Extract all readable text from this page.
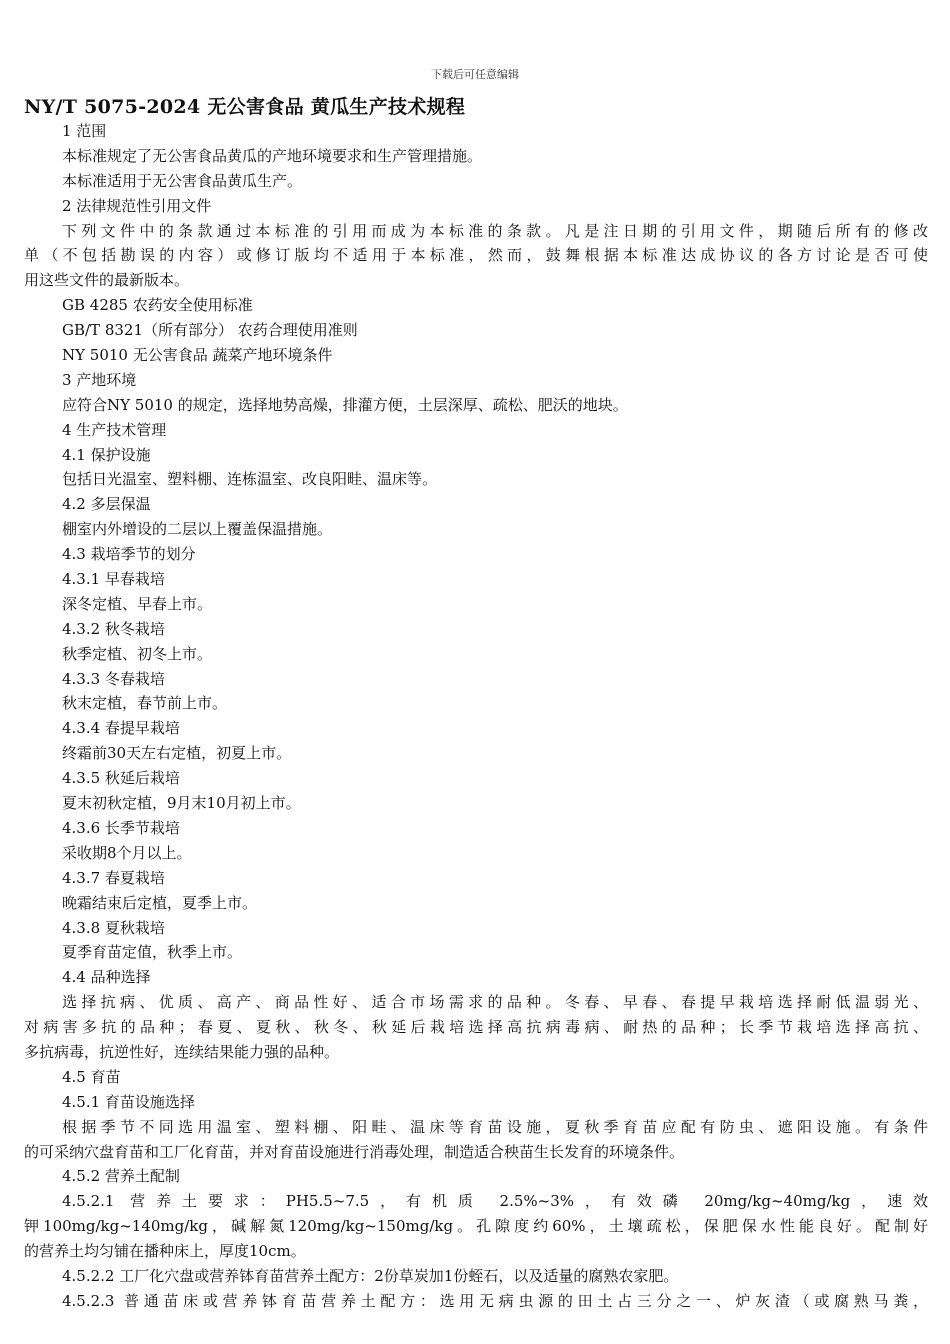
下载后可任意编辑
NY/T 5075-2024 无公害食品 黄瓜生产技术规程
1 范围
本标准规定了无公害食品黄瓜的产地环境要求和生产管理措施。
本标准适用于无公害食品黄瓜生产。
2 法律规范性引用文件
下列文件中的条款通过本标准的引用而成为本标准的条款。凡是注日期的引用文件，期随后所有的修改
单（不包括勘误的内容）或修订版均不适用于本标准，然而，鼓舞根据本标准达成协议的各方讨论是否可使
用这些文件的最新版本。
GB 4285 农药安全使用标准
GB/T 8321（所有部分） 农药合理使用准则
NY 5010 无公害食品 蔬菜产地环境条件
3 产地环境
应符合NY 5010 的规定，选择地势高燥，排灌方便，土层深厚、疏松、肥沃的地块。
4 生产技术管理
4.1 保护设施
包括日光温室、塑料棚、连栋温室、改良阳畦、温床等。
4.2 多层保温
棚室内外增设的二层以上覆盖保温措施。
4.3 栽培季节的划分
4.3.1 早春栽培
深冬定植、早春上市。
4.3.2 秋冬栽培
秋季定植、初冬上市。
4.3.3 冬春栽培
秋末定植，春节前上市。
4.3.4 春提早栽培
终霜前30天左右定植，初夏上市。
4.3.5 秋延后栽培
夏末初秋定植，9月末10月初上市。
4.3.6 长季节栽培
采收期8个月以上。
4.3.7 春夏栽培
晚霜结束后定植，夏季上市。
4.3.8 夏秋栽培
夏季育苗定值，秋季上市。
4.4 品种选择
选择抗病、优质、高产、商品性好、适合市场需求的品种。冬春、早春、春提早栽培选择耐低温弱光、
对病害多抗的品种；春夏、夏秋、秋冬、秋延后栽培选择高抗病毒病、耐热的品种；长季节栽培选择高抗、
多抗病毒，抗逆性好，连续结果能力强的品种。
4.5 育苗
4.5.1 育苗设施选择
根据季节不同选用温室、塑料棚、阳畦、温床等育苗设施，夏秋季育苗应配有防虫、遮阳设施。有条件
的可采纳穴盘育苗和工厂化育苗，并对育苗设施进行消毒处理，制造适合秧苗生长发育的环境条件。
4.5.2 营养土配制
4.5.2.1 营养土要求：PH5.5~7.5，有机质 2.5%~3%，有效磷 20mg/kg~40mg/kg，速效
钾100mg/kg~140mg/kg，碱解氮120mg/kg~150mg/kg。孔隙度约60%，土壤疏松，保肥保水性能良好。配制好
的营养土均匀铺在播种床上，厚度10cm。
4.5.2.2 工厂化穴盘或营养钵育苗营养土配方：2份草炭加1份蛭石，以及适量的腐熟农家肥。
4.5.2.3 普通苗床或营养钵育苗营养土配方：选用无病虫源的田土占三分之一、炉灰渣（或腐熟马粪，
